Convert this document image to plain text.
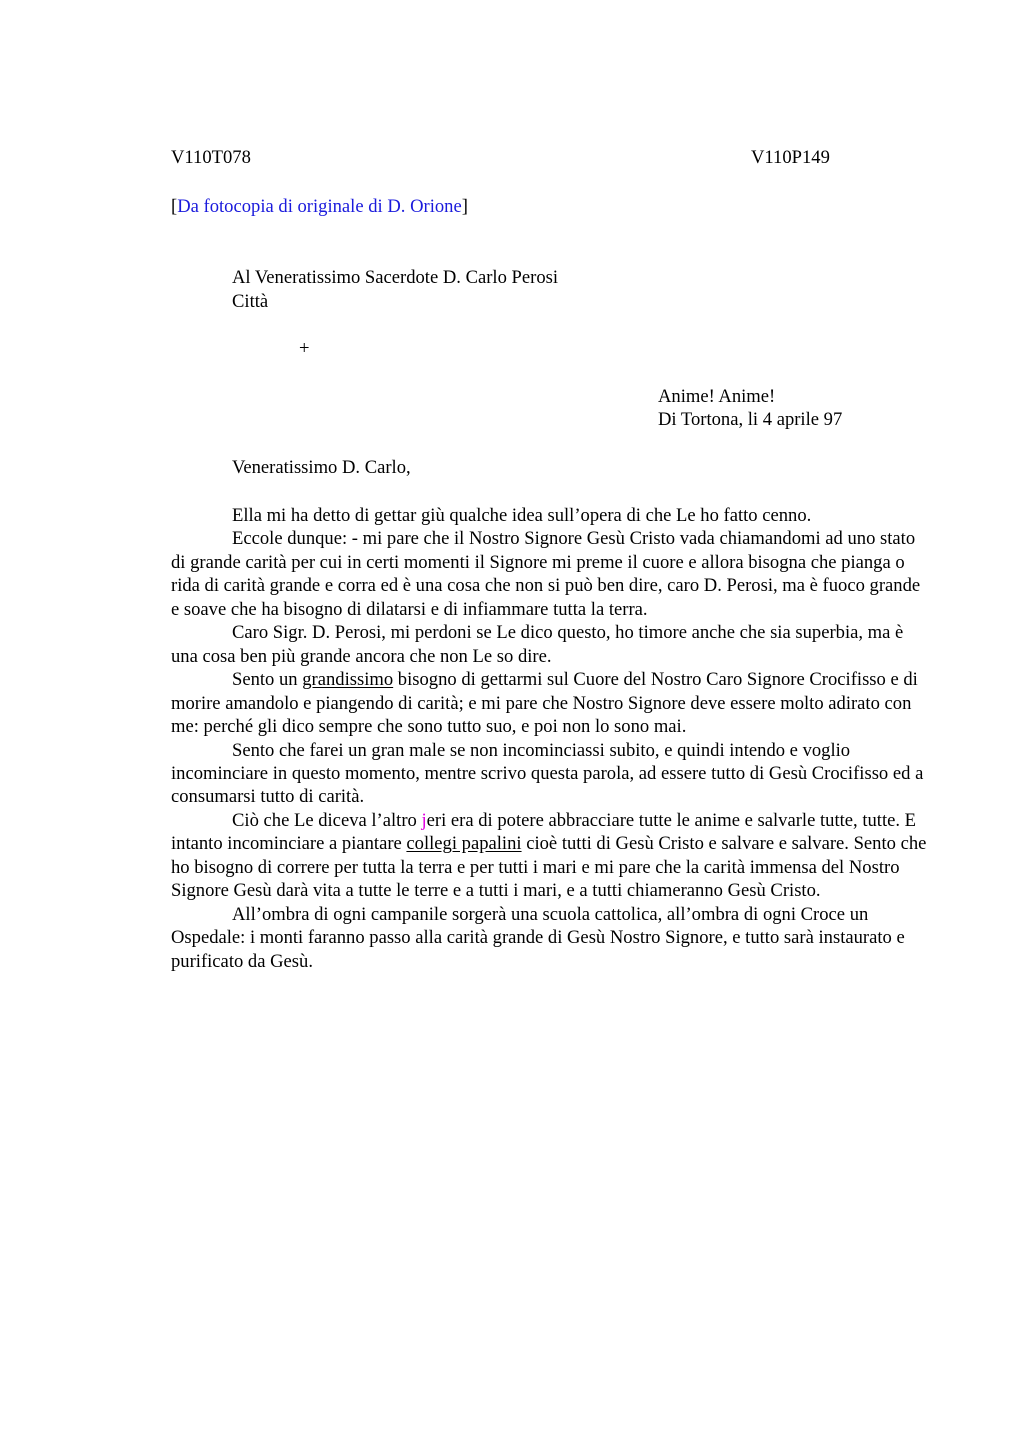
V110T078	V110P149
[Da fotocopia di originale di D. Orione]
Al Veneratissimo Sacerdote D. Carlo Perosi
Città
+
Anime! Anime!
Di Tortona, li 4 aprile 97
Veneratissimo D. Carlo,

Ella mi ha detto di gettar giù qualche idea sull’opera di che Le ho fatto cenno.

Eccole dunque: - mi pare che il Nostro Signore Gesù Cristo vada chiamandomi ad uno stato di grande carità per cui in certi momenti il Signore mi preme il cuore e allora bisogna che pianga o rida di carità grande e corra ed è una cosa che non si può ben dire, caro D. Perosi, ma è fuoco grande e soave che ha bisogno di dilatarsi e di infiammare tutta la terra.

Caro Sigr. D. Perosi, mi perdoni se Le dico questo, ho timore anche che sia superbia, ma è una cosa ben più grande ancora che non Le so dire.

Sento un grandissimo bisogno di gettarmi sul Cuore del Nostro Caro Signore Crocifisso e di morire amandolo e piangendo di carità; e mi pare che Nostro Signore deve essere molto adirato con me: perché gli dico sempre che sono tutto suo, e poi non lo sono mai.

Sento che farei un gran male se non incominciassi subito, e quindi intendo e voglio incominciare in questo momento, mentre scrivo questa parola, ad essere tutto di Gesù Crocifisso ed a consumarsi tutto di carità.

Ciò che Le diceva l’altro jeri era di potere abbracciare tutte le anime e salvarle tutte, tutte. E intanto incominciare a piantare collegi papalini cioè tutti di Gesù Cristo e salvare e salvare. Sento che ho bisogno di correre per tutta la terra e per tutti i mari e mi pare che la carità immensa del Nostro Signore Gesù darà vita a tutte le terre e a tutti i mari, e a tutti chiameranno Gesù Cristo.

All’ombra di ogni campanile sorgerà una scuola cattolica, all’ombra di ogni Croce un Ospedale: i monti faranno passo alla carità grande di Gesù Nostro Signore, e tutto sarà instaurato e purificato da Gesù.
